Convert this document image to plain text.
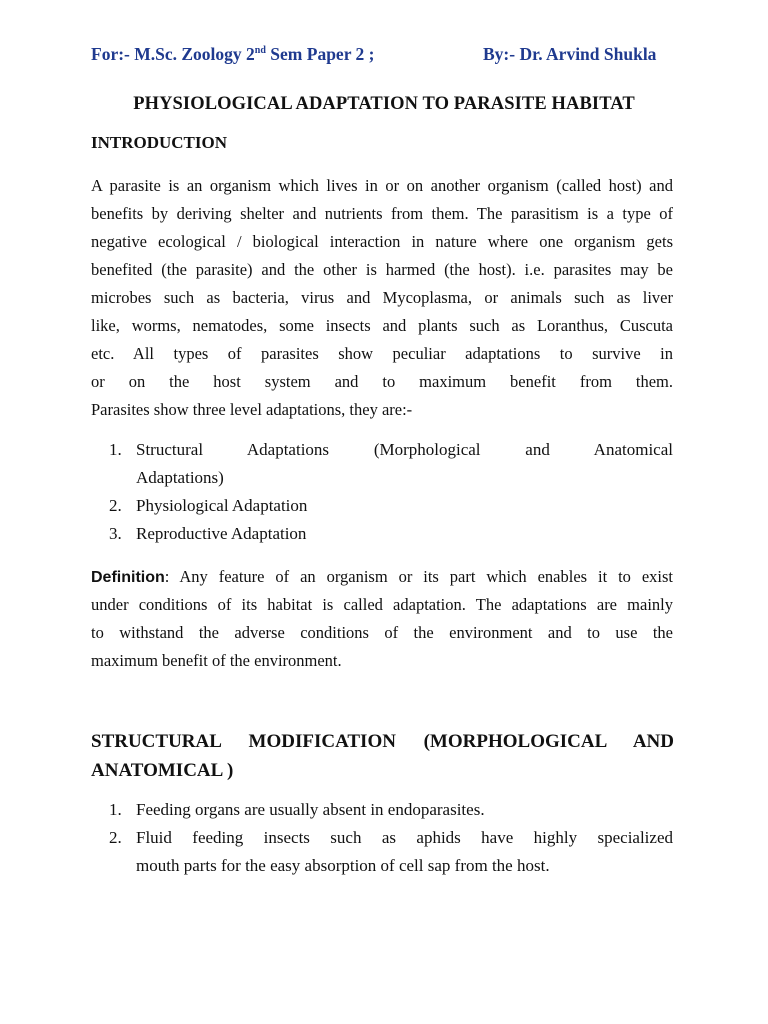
For:- M.Sc. Zoology 2nd Sem Paper 2 ;	By:- Dr. Arvind Shukla
PHYSIOLOGICAL ADAPTATION TO PARASITE HABITAT
INTRODUCTION
A parasite is an organism which lives in or on another organism (called host) and
benefits by deriving shelter and nutrients from them. The parasitism is a type of
negative ecological / biological interaction in nature where one organism gets
benefited (the parasite) and the other is harmed (the host). i.e. parasites may be
microbes such as bacteria, virus and Mycoplasma, or animals such as liver
like, worms, nematodes, some insects and plants such as Loranthus, Cuscuta
etc. All types of parasites show peculiar adaptations to survive in
or on the host system and to maximum benefit from them.
Parasites show three level adaptations, they are:-
1. Structural Adaptations (Morphological and Anatomical
Adaptations)
2. Physiological Adaptation
3. Reproductive Adaptation
Definition: Any feature of an organism or its part which enables it to exist
under conditions of its habitat is called adaptation. The adaptations are mainly
to withstand the adverse conditions of the environment and to use the
maximum benefit of the environment.
STRUCTURAL MODIFICATION (MORPHOLOGICAL AND
ANATOMICAL )
1. Feeding organs are usually absent in endoparasites.
2. Fluid feeding insects such as aphids have highly specialized
mouth parts for the easy absorption of cell sap from the host.
